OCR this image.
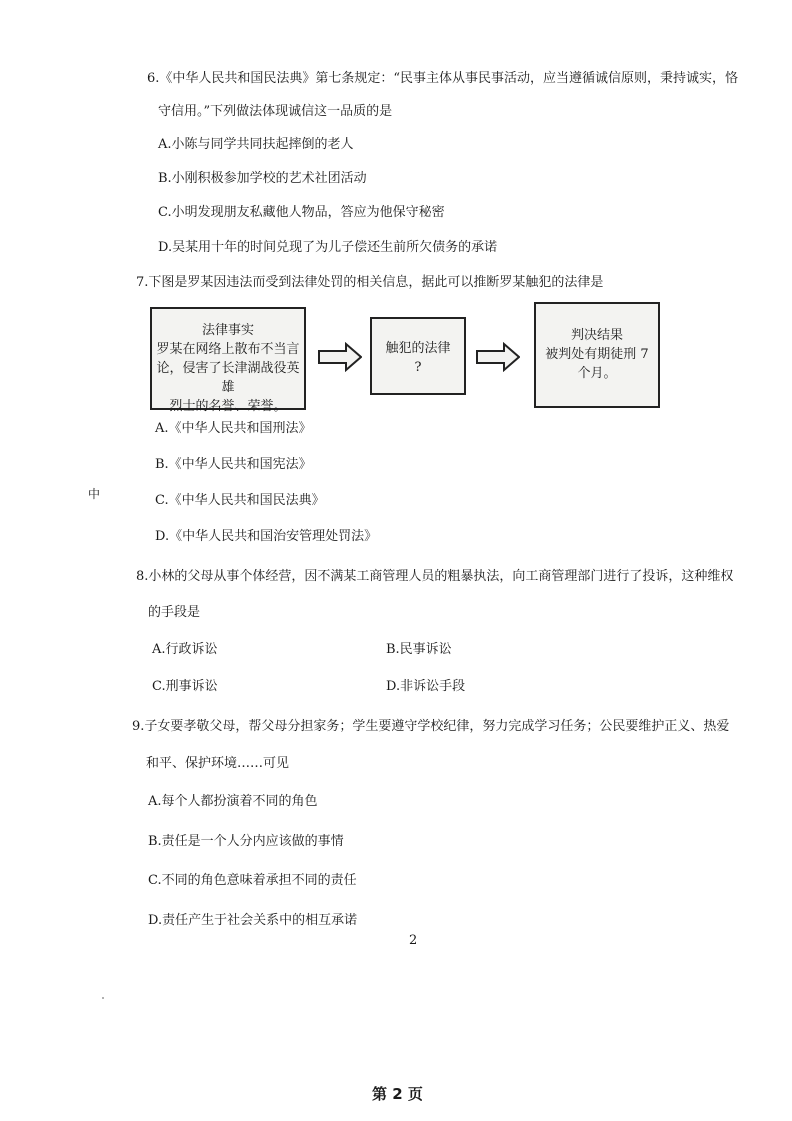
6.《中华人民共和国民法典》第七条规定：“民事主体从事民事活动，应当遵循诚信原则，秉持诚实，恪
守信用。”下列做法体现诚信这一品质的是
A.小陈与同学共同扶起摔倒的老人
B.小刚积极参加学校的艺术社团活动
C.小明发现朋友私藏他人物品，答应为他保守秘密
D.吴某用十年的时间兑现了为儿子偿还生前所欠债务的承诺
7.下图是罗某因违法而受到法律处罚的相关信息，据此可以推断罗某触犯的法律是
法律事实
罗某在网络上散布不当言
论，侵害了长津湖战役英雄
烈士的名誉、荣誉。
触犯的法律
?
判决结果
被判处有期徒刑 7
个月。
A.《中华人民共和国刑法》
B.《中华人民共和国宪法》
中	C.《中华人民共和国民法典》
D.《中华人民共和国治安管理处罚法》
8.小林的父母从事个体经营，因不满某工商管理人员的粗暴执法，向工商管理部门进行了投诉，这种维权
的手段是
A.行政诉讼	B.民事诉讼
C.刑事诉讼	D.非诉讼手段
9.子女要孝敬父母，帮父母分担家务；学生要遵守学校纪律，努力完成学习任务；公民要维护正义、热爱
和平、保护环境……可见
A.每个人都扮演着不同的角色
B.责任是一个人分内应该做的事情
C.不同的角色意味着承担不同的责任
D.责任产生于社会关系中的相互承诺
2
第 2 页
